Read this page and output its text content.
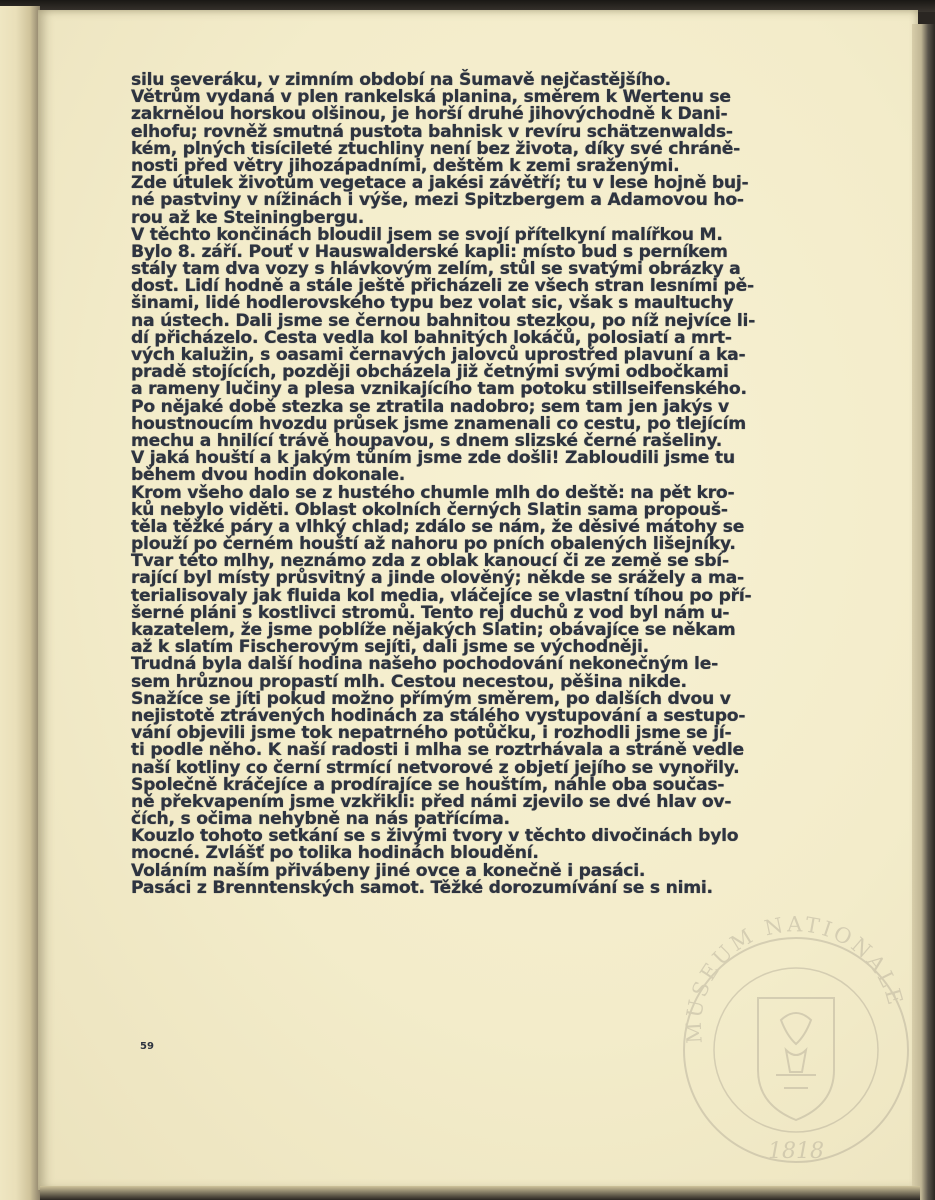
silu severáku, v zimním období na Šumavě nejčastějšího.
Větrům vydaná v plen rankelská planina, směrem k Wertenu se
zakrnělou horskou olšinou, je horší druhé jihovýchodně k Dani-
elhofu; rovněž smutná pustota bahnisk v revíru schätzenwalds-
kém, plných tisícileté ztuchliny není bez života, díky své chráně-
nosti před větry jihozápadními, deštěm k zemi sraženými.
Zde útulek životům vegetace a jakési závětří; tu v lese hojně buj-
né pastviny v nížinách i výše, mezi Spitzbergem a Adamovou ho-
rou až ke Steiningbergu.
V těchto končinách bloudil jsem se svojí přítelkyní malířkou M.
Bylo 8. září. Pouť v Hauswalderské kapli: místo bud s perníkem
stály tam dva vozy s hlávkovým zelím, stůl se svatými obrázky a
dost. Lidí hodně a stále ještě přicházeli ze všech stran lesními pě-
šinami, lidé hodlerovského typu bez volat sic, však s maultuchy
na ústech. Dali jsme se černou bahnitou stezkou, po níž nejvíce li-
dí přicházelo. Cesta vedla kol bahnitých lokáčů, polosiatí a mrt-
vých kalužin, s oasami černavých jalovců uprostřed plavuní a ka-
pradě stojících, později obcházela již četnými svými odbočkami
a rameny lučiny a plesa vznikajícího tam potoku stillseifenského.
Po nějaké době stezka se ztratila nadobro; sem tam jen jakýs v
houstnoucím hvozdu průsek jsme znamenali co cestu, po tlejícím
mechu a hnilící trávě houpavou, s dnem slizské černé rašeliny.
V jaká houští a k jakým tůním jsme zde došli! Zabloudili jsme tu
během dvou hodin dokonale.
Krom všeho dalo se z hustého chumle mlh do deště: na pět kro-
ků nebylo viděti. Oblast okolních černých Slatin sama propouš-
těla těžké páry a vlhký chlad; zdálo se nám, že děsivé mátohy se
plouží po černém houští až nahoru po pních obalených lišejníky.
Tvar této mlhy, neznámo zda z oblak kanoucí či ze země se sbí-
rající byl místy průsvitný a jinde olověný; někde se srážely a ma-
terialisovaly jak fluida kol media, vláčejíce se vlastní tíhou po pří-
šerné pláni s kostlivci stromů. Tento rej duchů z vod byl nám u-
kazatelem, že jsme poblíže nějakých Slatin; obávajíce se někam
až k slatím Fischerovým sejíti, dali jsme se východněji.
Trudná byla další hodina našeho pochodování nekonečným le-
sem hrůznou propastí mlh. Cestou necestou, pěšina nikde.
Snažíce se jíti pokud možno přímým směrem, po dalších dvou v
nejistotě ztrávených hodinách za stálého vystupování a sestupo-
vání objevili jsme tok nepatrného potůčku, i rozhodli jsme se jí-
ti podle něho. K naší radosti i mlha se roztrhávala a stráně vedle
naší kotliny co černí strmící netvorové z objetí jejího se vynořily.
Společně kráčejíce a prodírajíce se houštím, náhle oba součas-
ně překvapením jsme vzkřikli: před námi zjevilo se dvé hlav ov-
čích, s očima nehybně na nás patřícíma.
Kouzlo tohoto setkání se s živými tvory v těchto divočinách bylo
mocné. Zvlášť po tolika hodinách bloudění.
Voláním naším přivábeny jiné ovce a konečně i pasáci.
Pasáci z Brenntenských samot. Těžké dorozumívání se s nimi.
59
MUSEUM NATIONALE
1818
